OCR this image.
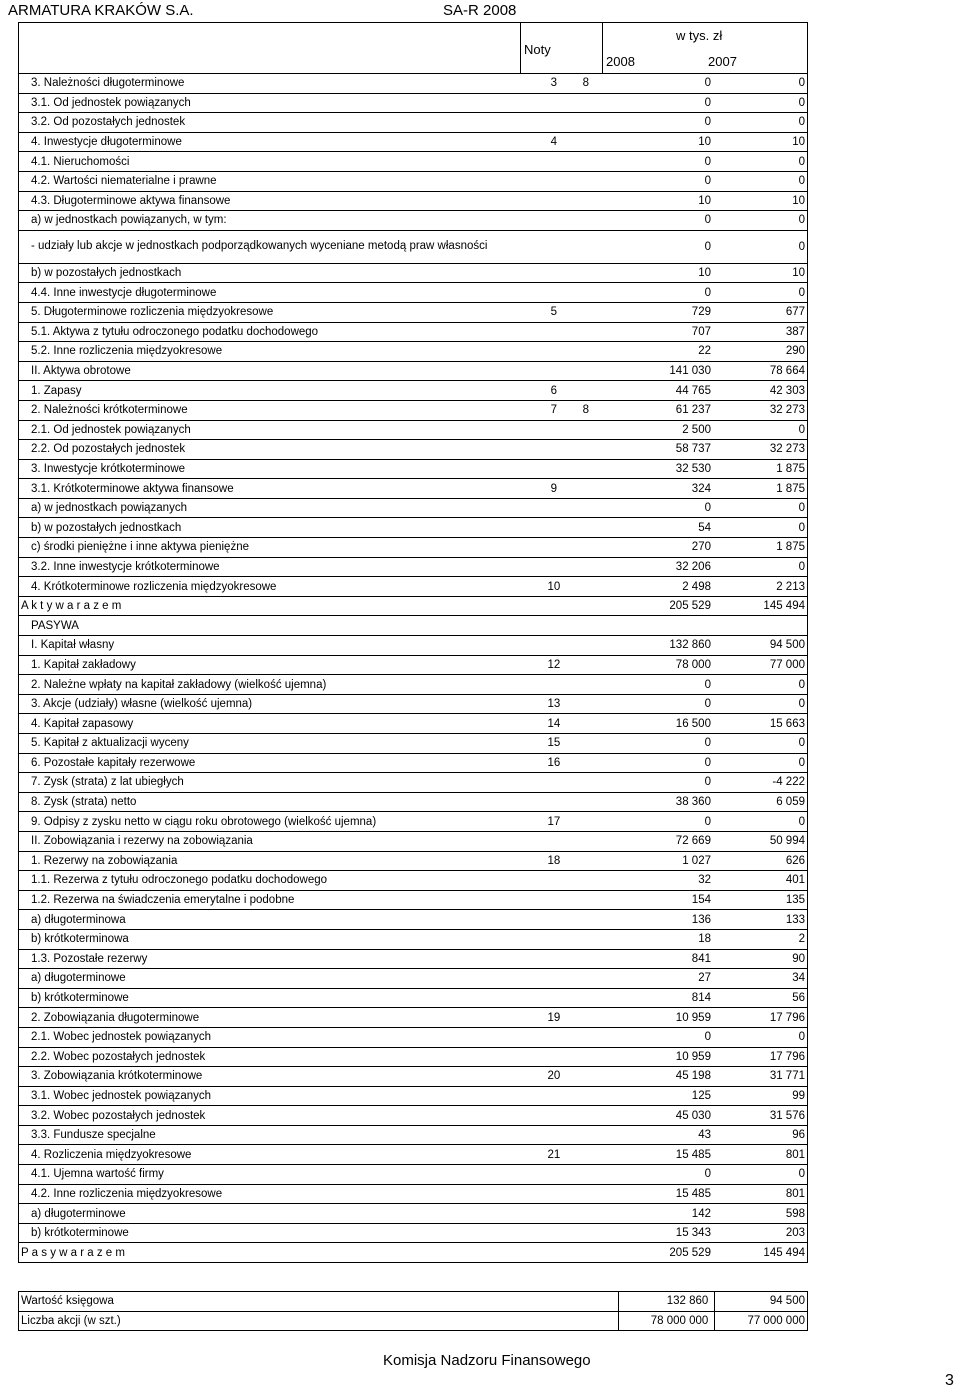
ARMATURA KRAKÓW S.A.	SA-R 2008
Noty
w tys. zł
2008	2007
3. Należności długoterminowe	3 8	0	0
3.1. Od jednostek powiązanych		0	0
3.2. Od pozostałych jednostek		0	0
4. Inwestycje długoterminowe	4	10	10
4.1. Nieruchomości		0	0
4.2. Wartości niematerialne i prawne		0	0
4.3. Długoterminowe aktywa finansowe		10	10
a) w jednostkach powiązanych, w tym:		0	0
- udziały lub akcje w jednostkach podporządkowanych wyceniane metodą praw własności		0	0
b) w pozostałych jednostkach		10	10
4.4. Inne inwestycje długoterminowe		0	0
5. Długoterminowe rozliczenia międzyokresowe	5	729	677
5.1. Aktywa z tytułu odroczonego podatku dochodowego		707	387
5.2. Inne rozliczenia międzyokresowe		22	290
II. Aktywa obrotowe		141 030	78 664
1. Zapasy	6	44 765	42 303
2. Należności krótkoterminowe	7 8	61 237	32 273
2.1. Od jednostek powiązanych		2 500	0
2.2. Od pozostałych jednostek		58 737	32 273
3. Inwestycje krótkoterminowe		32 530	1 875
3.1. Krótkoterminowe aktywa finansowe	9	324	1 875
a) w jednostkach powiązanych		0	0
b) w pozostałych jednostkach		54	0
c) środki pieniężne i inne aktywa pieniężne		270	1 875
3.2. Inne inwestycje krótkoterminowe		32 206	0
4. Krótkoterminowe rozliczenia międzyokresowe	10	2 498	2 213
A k t y w a r a z e m		205 529	145 494
PASYWA			
I. Kapitał własny		132 860	94 500
1. Kapitał zakładowy	12	78 000	77 000
2. Należne wpłaty na kapitał zakładowy (wielkość ujemna)		0	0
3. Akcje (udziały) własne (wielkość ujemna)	13	0	0
4. Kapitał zapasowy	14	16 500	15 663
5. Kapitał z aktualizacji wyceny	15	0	0
6. Pozostałe kapitały rezerwowe	16	0	0
7. Zysk (strata) z lat ubiegłych		0	-4 222
8. Zysk (strata) netto		38 360	6 059
9. Odpisy z zysku netto w ciągu roku obrotowego (wielkość ujemna)	17	0	0
II. Zobowiązania i rezerwy na zobowiązania		72 669	50 994
1. Rezerwy na zobowiązania	18	1 027	626
1.1. Rezerwa z tytułu odroczonego podatku dochodowego		32	401
1.2. Rezerwa na świadczenia emerytalne i podobne		154	135
a) długoterminowa		136	133
b) krótkoterminowa		18	2
1.3. Pozostałe rezerwy		841	90
a) długoterminowe		27	34
b) krótkoterminowe		814	56
2. Zobowiązania długoterminowe	19	10 959	17 796
2.1. Wobec jednostek powiązanych		0	0
2.2. Wobec pozostałych jednostek		10 959	17 796
3. Zobowiązania krótkoterminowe	20	45 198	31 771
3.1. Wobec jednostek powiązanych		125	99
3.2. Wobec pozostałych jednostek		45 030	31 576
3.3. Fundusze specjalne		43	96
4. Rozliczenia międzyokresowe	21	15 485	801
4.1. Ujemna wartość firmy		0	0
4.2. Inne rozliczenia międzyokresowe		15 485	801
a) długoterminowe		142	598
b) krótkoterminowe		15 343	203
P a s y w a r a z e m		205 529	145 494
Wartość księgowa	132 860	94 500
Liczba akcji (w szt.)	78 000 000	77 000 000
Komisja Nadzoru Finansowego
3
